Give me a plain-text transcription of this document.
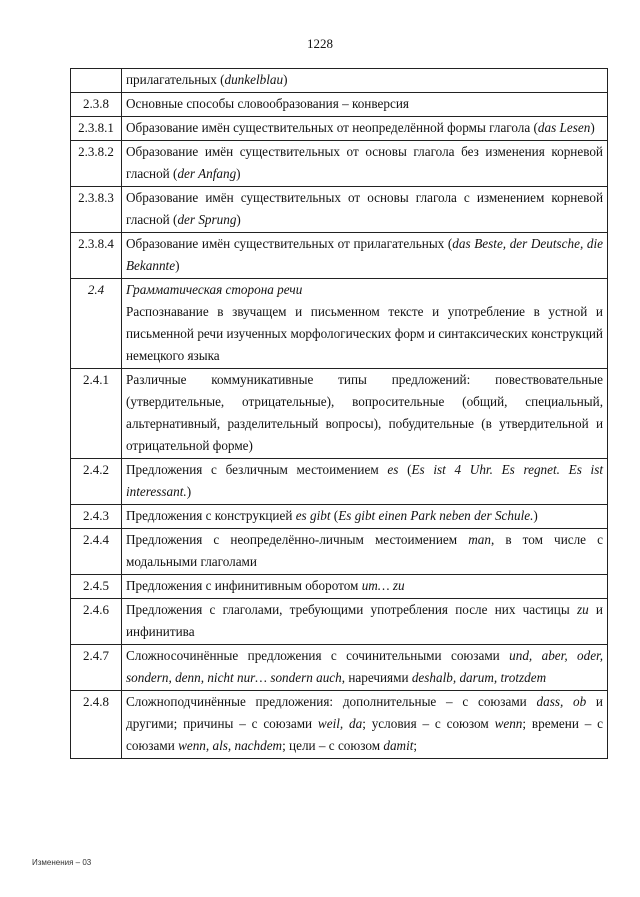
1228
	прилагательных (dunkelblau)
2.3.8	Основные способы словообразования – конверсия
2.3.8.1	Образование имён существительных от неопределённой формы глагола (das Lesen)
2.3.8.2	Образование имён существительных от основы глагола без изменения корневой гласной (der Anfang)
2.3.8.3	Образование имён существительных от основы глагола с изменением корневой гласной (der Sprung)
2.3.8.4	Образование имён существительных от прилагательных (das Beste, der Deutsche, die Bekannte)
2.4	Грамматическая сторона речи
Распознавание в звучащем и письменном тексте и употребление в устной и письменной речи изученных морфологических форм и синтаксических конструкций немецкого языка
2.4.1	Различные коммуникативные типы предложений: повествовательные (утвердительные, отрицательные), вопросительные (общий, специальный, альтернативный, разделительный вопросы), побудительные (в утвердительной и отрицательной форме)
2.4.2	Предложения с безличным местоимением es (Es ist 4 Uhr. Es regnet. Es ist interessant.)
2.4.3	Предложения с конструкцией es gibt (Es gibt einen Park neben der Schule.)
2.4.4	Предложения с неопределённо-личным местоимением man, в том числе с модальными глаголами
2.4.5	Предложения с инфинитивным оборотом um… zu
2.4.6	Предложения с глаголами, требующими употребления после них частицы zu и инфинитива
2.4.7	Сложносочинённые предложения с сочинительными союзами und, aber, oder, sondern, denn, nicht nur… sondern auch, наречиями deshalb, darum, trotzdem
2.4.8	Сложноподчинённые предложения: дополнительные – с союзами dass, ob и другими; причины – с союзами weil, da; условия – с союзом wenn; времени – с союзами wenn, als, nachdem; цели – с союзом damit;
Изменения – 03
